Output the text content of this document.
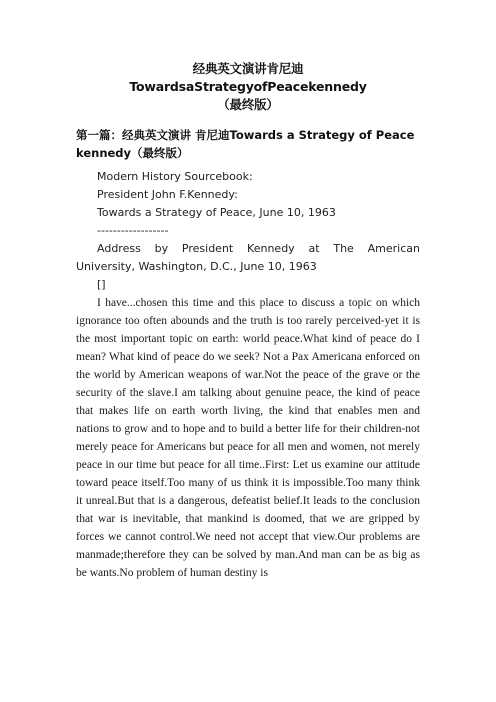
经典英文演讲肯尼迪TowardsaStrategyofPeacekennedy
（最终版）
第一篇：经典英文演讲 肯尼迪Towards a Strategy of Peace kennedy（最终版）
Modern History Sourcebook:
President John F.Kennedy:
Towards a Strategy of Peace, June 10, 1963
------------------

Address by President Kennedy at The American University, Washington, D.C., June 10, 1963

[]

I have...chosen this time and this place to discuss a topic on which ignorance too often abounds and the truth is too rarely perceived-yet it is the most important topic on earth: world peace.What kind of peace do I mean? What kind of peace do we seek? Not a Pax Americana enforced on the world by American weapons of war.Not the peace of the grave or the security of the slave.I am talking about genuine peace, the kind of peace that makes life on earth worth living, the kind that enables men and nations to grow and to hope and to build a better life for their children-not merely peace for Americans but peace for all men and women, not merely peace in our time but peace for all time..First: Let us examine our attitude toward peace itself.Too many of us think it is impossible.Too many think it unreal.But that is a dangerous, defeatist belief.It leads to the conclusion that war is inevitable, that mankind is doomed, that we are gripped by forces we cannot control.We need not accept that view.Our problems are manmade;therefore they can be solved by man.And man can be as big as be wants.No problem of human destiny is
